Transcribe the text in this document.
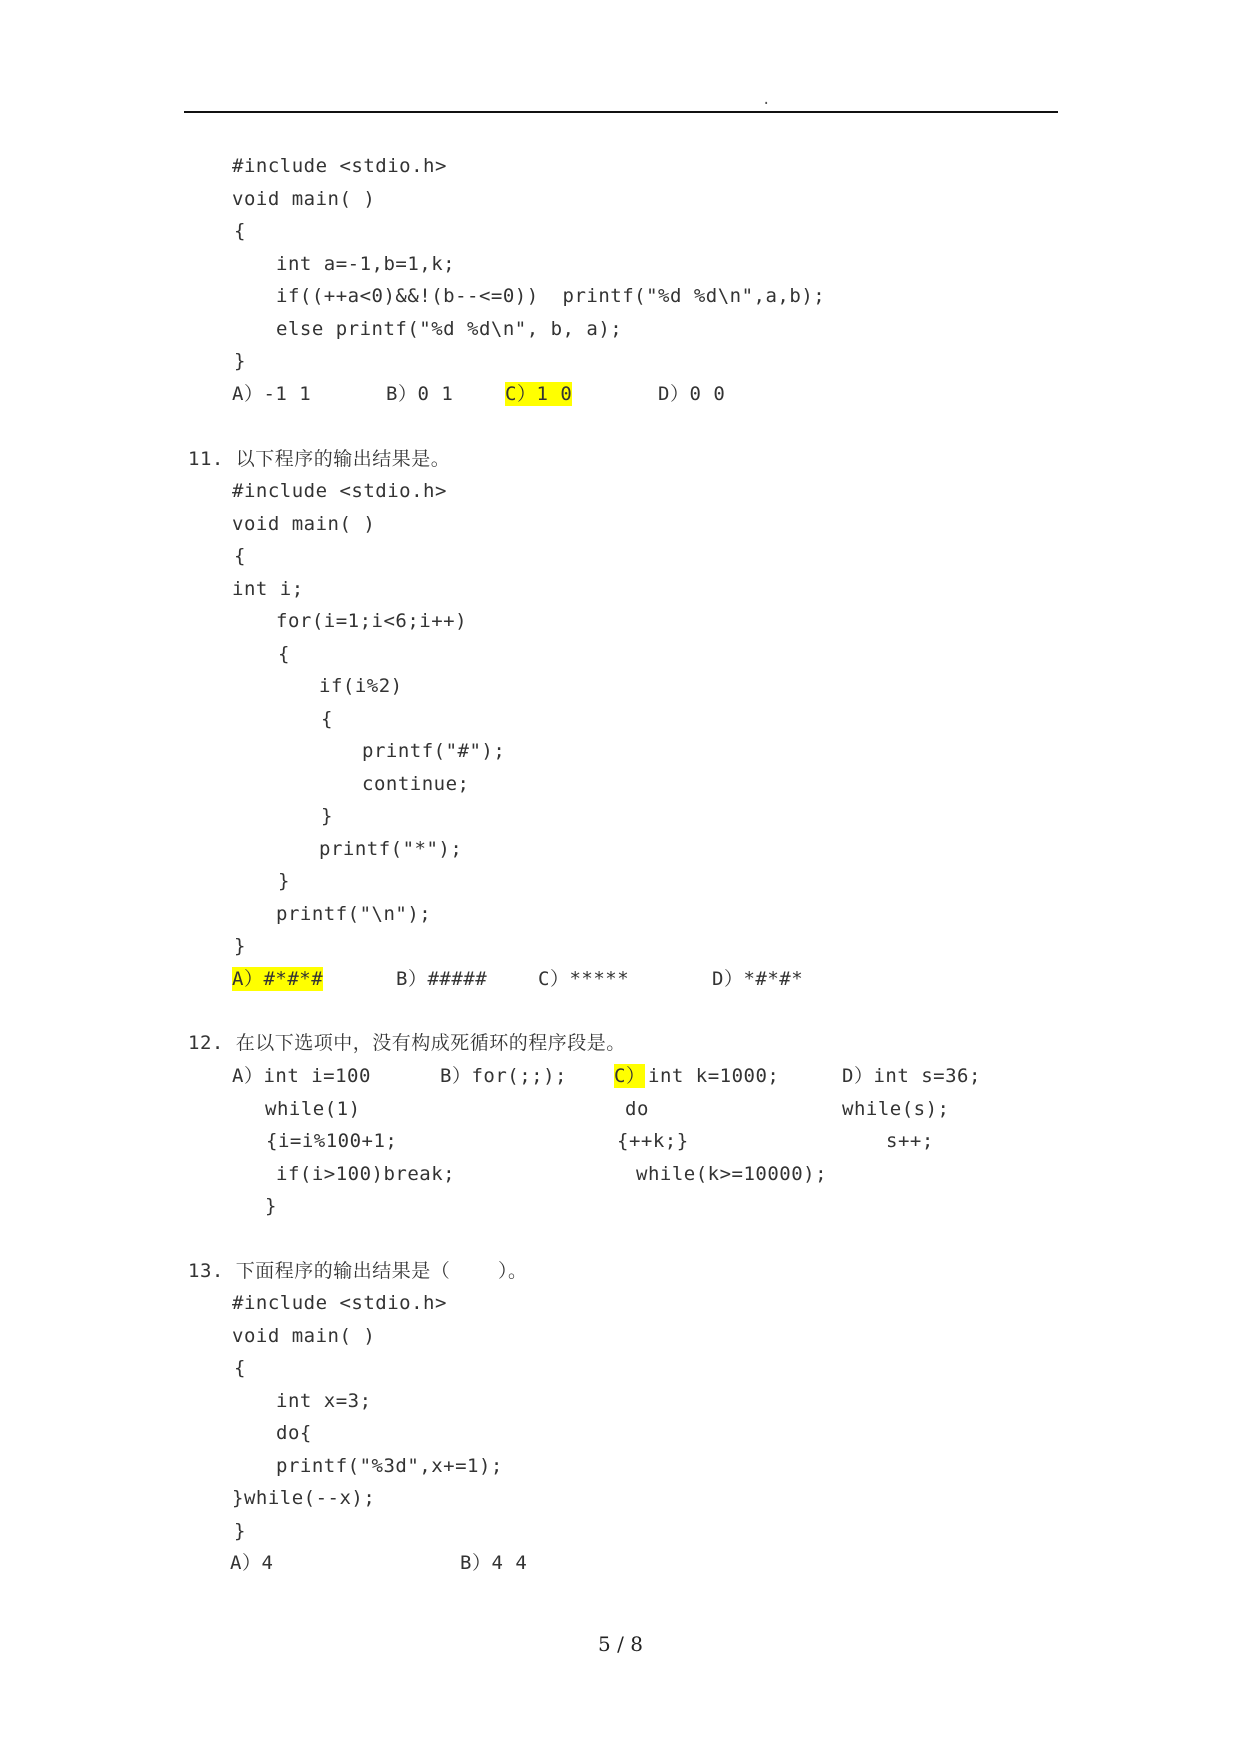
.
#include <stdio.h>
void main( )
{
int a=-1,b=1,k;
if((++a<0)&&!(b--<=0))  printf("%d %d\n",a,b);
else printf("%d %d\n", b, a);
}
A）-1 1	B）0 1	C）1 0	D）0 0
11. 以下程序的输出结果是。
#include <stdio.h>
void main( )
{
int i;
for(i=1;i<6;i++)
{
if(i%2)
{
printf("#");
continue;
}
printf("*");
}
printf("\n");
}
A）#*#*#	B）#####	C）*****	D）*#*#*
12. 在以下选项中，没有构成死循环的程序段是。
A）int i=100
while(1)
{i=i%100+1;
if(i>100)break;
}
B）for(;;); C） int k=1000;
do
{++k;}
while(k>=10000);
D）int s=36;
while(s);
s++;
13. 下面程序的输出结果是（    ）。
#include <stdio.h>
void main( )
{
int x=3;
do{
printf("%3d",x+=1);
}while(--x);
}
A）4	B）4 4
5 / 8
